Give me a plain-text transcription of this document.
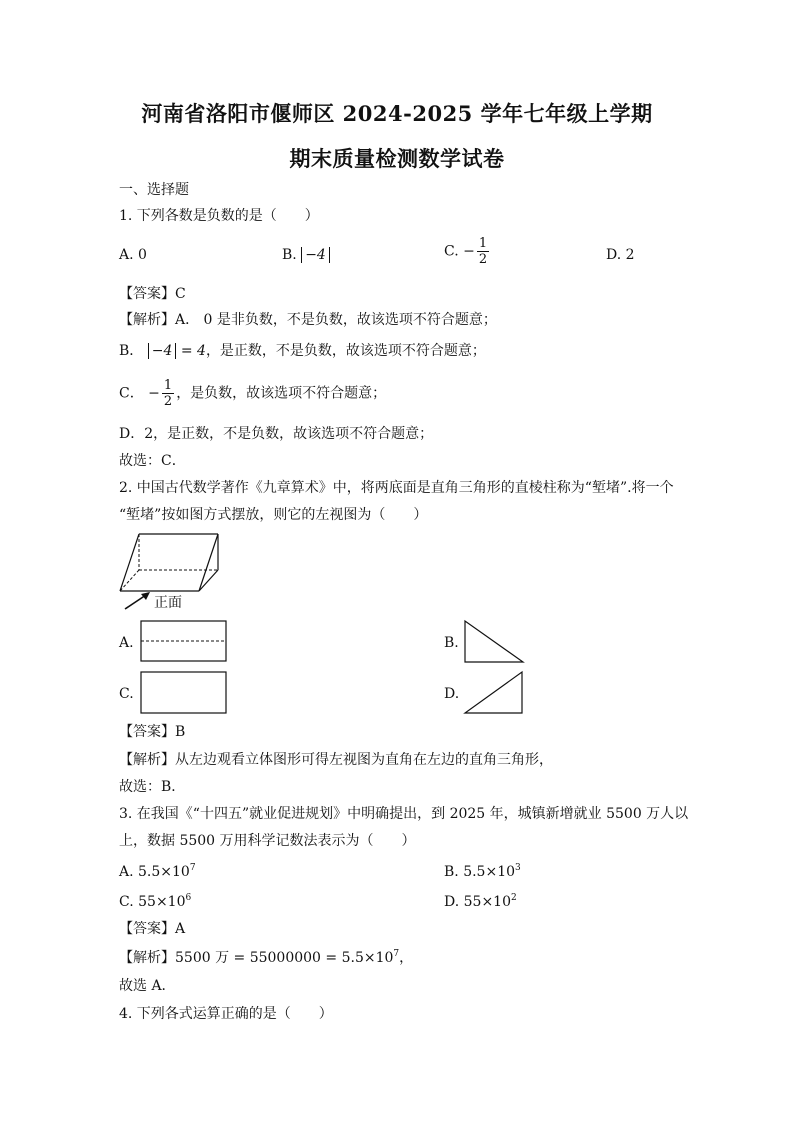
河南省洛阳市偃师区 2024-2025 学年七年级上学期
期末质量检测数学试卷
一、选择题
1. 下列各数是负数的是（　　）
A. 0	B. −4	C. − $\frac{1}{2}$	D. 2
【答案】C
【解析】A． 0 是非负数，不是负数，故该选项不符合题意；
B． −4 = 4，是正数，不是负数，故该选项不符合题意；
C． − $\frac{1}{2}$ ，是负数，故该选项不符合题意；
D．2，是正数，不是负数，故该选项不符合题意；
故选：C．
2. 中国古代数学著作《九章算术》中，将两底面是直角三角形的直棱柱称为“堑堵”.将一个
“堑堵”按如图方式摆放，则它的左视图为（　　）
正面
A.	B.
C.	D.
【答案】B
【解析】从左边观看立体图形可得左视图为直角在左边的直角三角形，
故选：B．
3. 在我国《“十四五”就业促进规划》中明确提出，到 2025 年，城镇新增就业 5500 万人以
上，数据 5500 万用科学记数法表示为（　　）
A. $5.5\times 10^7$	B. $5.5\times 10^3$
C. $55\times 10^6$	D. $55\times 10^2$
【答案】A
【解析】5500 万 = $55000000 = 5.5\times 10^7$，
故选 A．
4. 下列各式运算正确的是（　　）
